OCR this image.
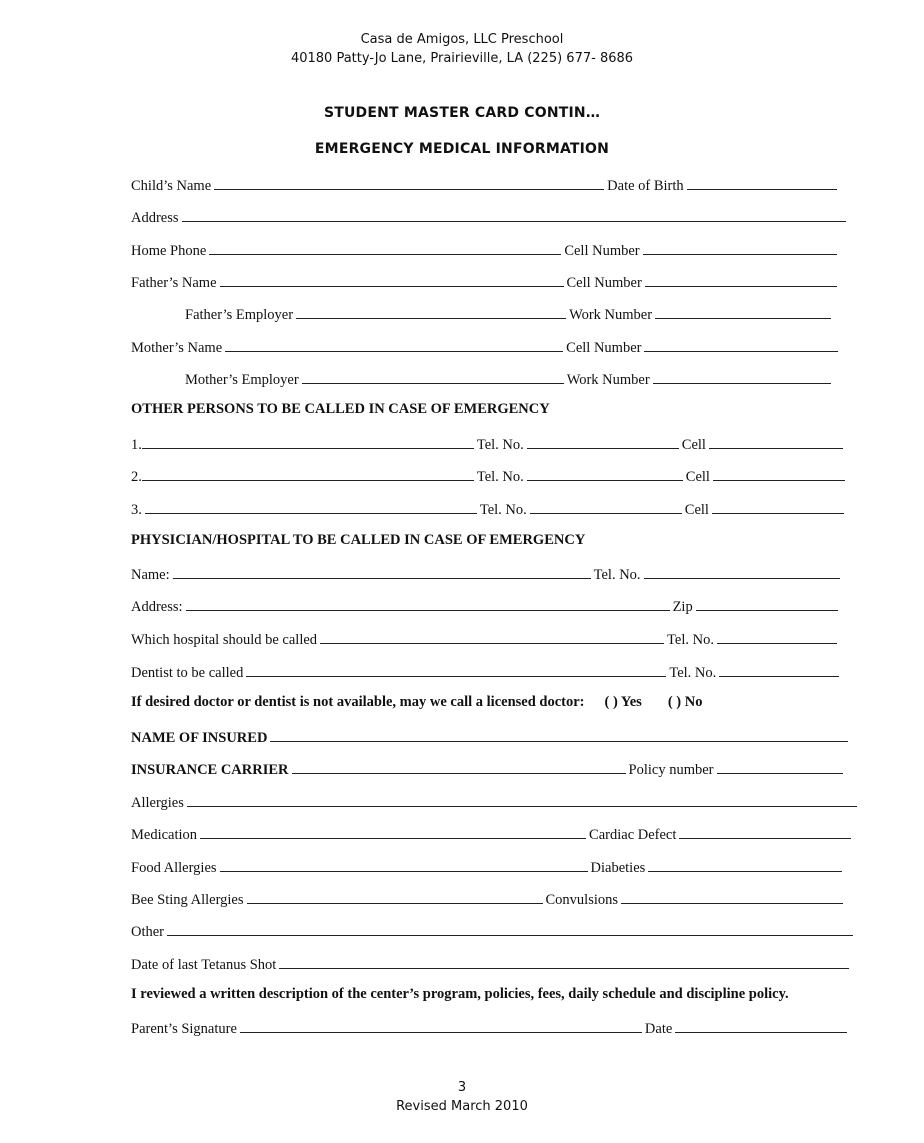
Casa de Amigos, LLC Preschool
40180 Patty-Jo Lane, Prairieville, LA (225) 677- 8686
STUDENT MASTER CARD CONTIN…
EMERGENCY MEDICAL INFORMATION
Child’s Name	Date of Birth
Address
Home Phone	Cell Number
Father’s Name	Cell Number
Father’s Employer	Work Number
Mother’s Name	Cell Number
Mother’s Employer	Work Number
OTHER PERSONS TO BE CALLED IN CASE OF EMERGENCY
1.	Tel. No.	Cell
2.	Tel. No.	Cell
3.	Tel. No.	Cell
PHYSICIAN/HOSPITAL TO BE CALLED IN CASE OF EMERGENCY
Name:	Tel. No.
Address:	Zip
Which hospital should be called	Tel. No.
Dentist to be called	Tel. No.
If desired doctor or dentist is not available, may we call a licensed doctor: ( ) Yes ( ) No
NAME OF INSURED
INSURANCE CARRIER	Policy number
Allergies
Medication	Cardiac Defect
Food Allergies	Diabeties
Bee Sting Allergies	Convulsions
Other
Date of last Tetanus Shot
I reviewed a written description of the center’s program, policies, fees, daily schedule and discipline policy.
Parent’s Signature	Date
3
Revised March 2010
